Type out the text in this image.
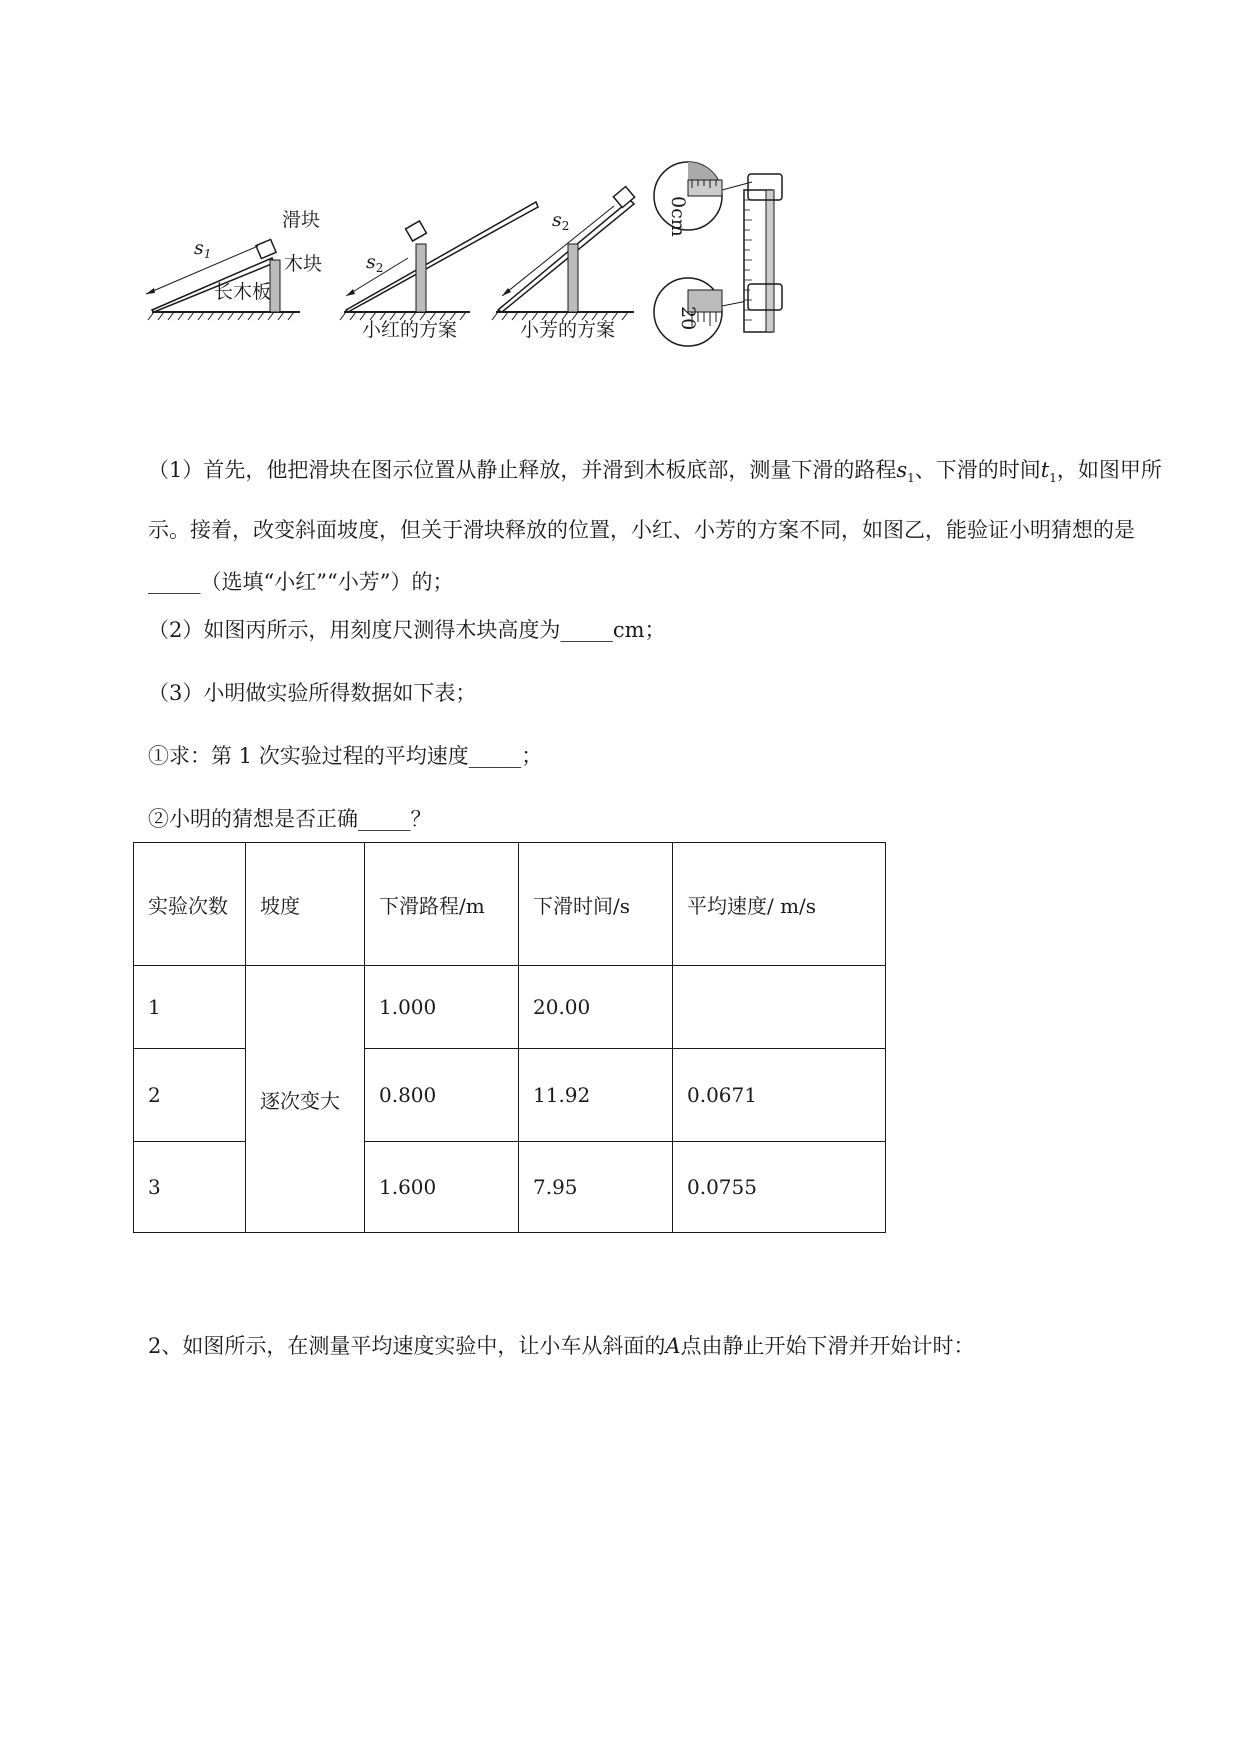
$s_1$
滑块
长木板
木块 $s_2$
小红的方案
$s_2$
小芳的方案
0cm
20
（1）首先，他把滑块在图示位置从静止释放，并滑到木板底部，测量下滑的路程$s_1$、下滑的时间$t_1$，如图甲所示。接着，改变斜面坡度，但关于滑块释放的位置，小红、小芳的方案不同，如图乙，能验证小明猜想的是_____（选填“小红”“小芳”）的；
（2）如图丙所示，用刻度尺测得木块高度为_____cm；
（3）小明做实验所得数据如下表；
①求：第 1 次实验过程的平均速度_____；
②小明的猜想是否正确_____？
实验次数	坡度	下滑路程/m	下滑时间/s	平均速度/ m/s
1	逐次变大	1.000	20.00	
2		0.800	11.92	0.0671
3		1.600	7.95	0.0755
2、如图所示，在测量平均速度实验中，让小车从斜面的A点由静止开始下滑并开始计时：
